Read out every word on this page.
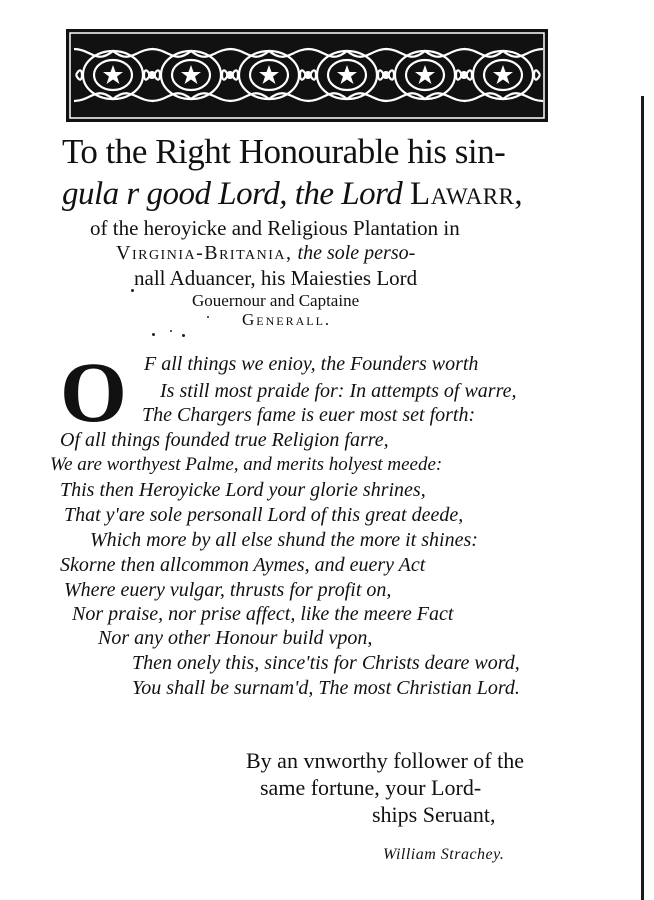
To the Right Honourable his sin-
gula r good Lord, the Lord Lawarr,
of the heroyicke and Religious Plantation in
Virginia-Britania, the sole perso-
nall Aduancer, his Maiesties Lord
Gouernour and Captaine
Generall.
O F all things we enioy, the Founders worth
Is still most praide for: In attempts of warre,
The Chargers fame is euer most set forth:
Of all things founded true Religion farre,
We are worthyest Palme, and merits holyest meede:
This then Heroyicke Lord your glorie shrines,
That y'are sole personall Lord of this great deede,
Which more by all else shund the more it shines:
Skorne then allcommon Aymes, and euery Act
Where euery vulgar, thrusts for profit on,
Nor praise, nor prise affect, like the meere Fact
Nor any other Honour build vpon,
Then onely this, since'tis for Christs deare word,
You shall be surnam'd, The most Christian Lord.
By an vnworthy follower of the
same fortune, your Lord-
ships Seruant,
William Strachey.
